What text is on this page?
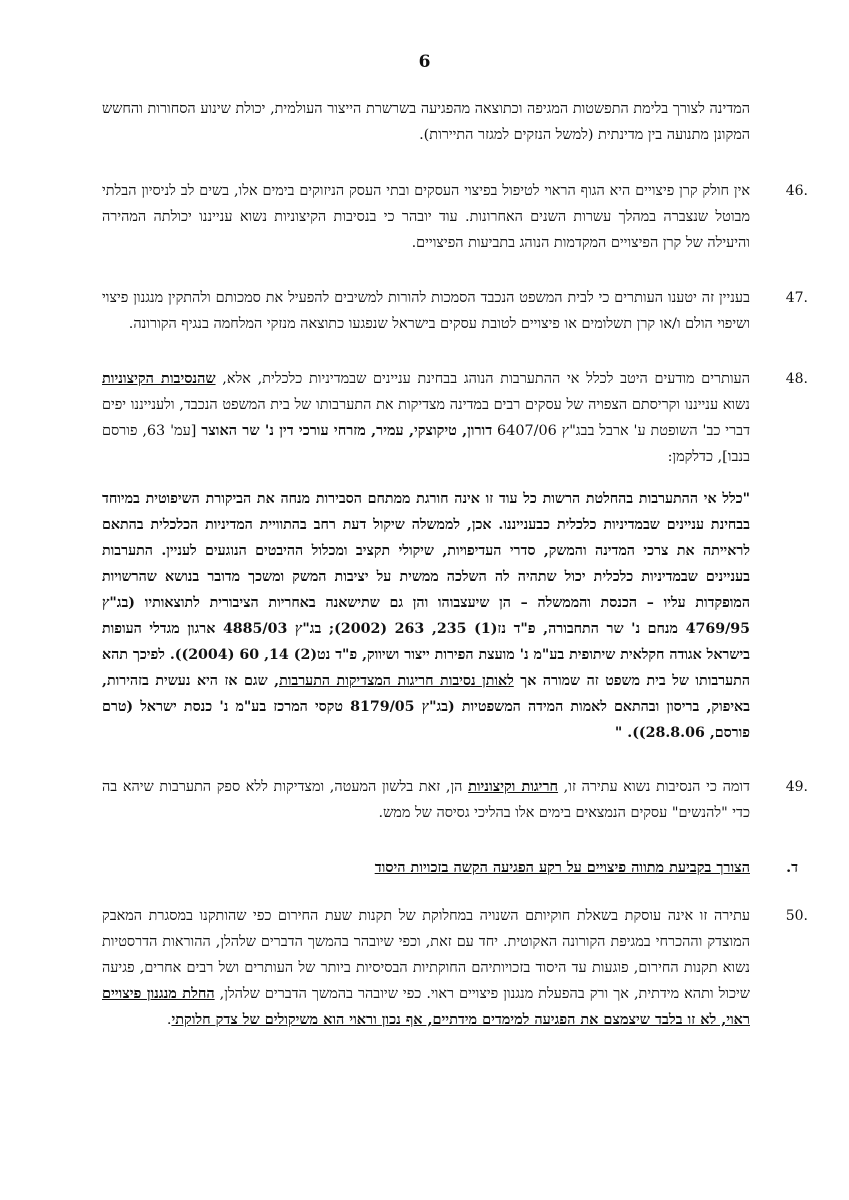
6

המדינה לצורך בלימת התפשטות המגיפה וכתוצאה מהפגיעה בשרשרת הייצור העולמית, יכולת שינוע הסחורות והחשש המקונן מתנועה בין מדינתית (למשל הנזקים למגזר התיירות).

46.
אין חולק קרן פיצויים היא הגוף הראוי לטיפול בפיצוי העסקים ובתי העסק הניזוקים בימים אלו, בשים לב לניסיון הבלתי מבוטל שנצברה במהלך עשרות השנים האחרונות. עוד יובהר כי בנסיבות הקיצוניות נשוא ענייננו יכולתה המהירה והיעילה של קרן הפיצויים המקדמות הנוהג בתביעות הפיצויים.
47.
בעניין זה יטענו העותרים כי לבית המשפט הנכבד הסמכות להורות למשיבים להפעיל את סמכותם ולהתקין מנגנון פיצוי ושיפוי הולם ו/או קרן תשלומים או פיצויים לטובת עסקים בישראל שנפגעו כתוצאה מנזקי המלחמה בנגיף הקורונה.
48.
העותרים מודעים היטב לכלל אי ההתערבות הנוהג בבחינת עניינים שבמדיניות כלכלית, אלא, שהנסיבות הקיצוניות נשוא ענייננו וקריסתם הצפויה של עסקים רבים במדינה מצדיקות את התערבותו של בית המשפט הנכבד, ולענייננו יפים דברי כב' השופטת ע' ארבל בבג"ץ 6407/06 דורון, טיקוצקי, עמיר, מזרחי עורכי דין נ' שר האוצר [עמ' 63, פורסם בנבו], כדלקמן:
"כלל אי ההתערבות בהחלטת הרשות כל עוד זו אינה חורגת ממתחם הסבירות מנחה את הביקורת השיפוטית במיוחד בבחינת עניינים שבמדיניות כלכלית כבענייננו. אכן, לממשלה שיקול דעת רחב בהתוויית המדיניות הכלכלית בהתאם לראייתה את צרכי המדינה והמשק, סדרי העדיפויות, שיקולי תקציב ומכלול ההיבטים הנוגעים לעניין. התערבות בעניינים שבמדיניות כלכלית יכול שתהיה לה השלכה ממשית על יציבות המשק ומשכך מדובר בנושא שהרשויות המופקדות עליו – הכנסת והממשלה – הן שיעצבוהו והן גם שתישאנה באחריות הציבורית לתוצאותיו (בג"ץ 4769/95 מנחם נ' שר התחבורה, פ"ד נז(1) 235, 263 (2002); בג"ץ 4885/03 ארגון מגדלי העופות בישראל אגודה חקלאית שיתופית בע"מ נ' מועצת הפירות ייצור ושיווק, פ"ד נט(2) 14, 60 (2004)). לפיכך תהא התערבותו של בית משפט זה שמורה אך לאותן נסיבות חריגות המצדיקות התערבות, שגם אז היא נעשית בזהירות, באיפוק, בריסון ובהתאם לאמות המידה המשפטיות (בג"ץ 8179/05 טקסי המרכז בע"מ נ' כנסת ישראל (טרם פורסם, 28.8.06)). "
49.
דומה כי הנסיבות נשוא עתירה זו, חריגות וקיצוניות הן, זאת בלשון המעטה, ומצדיקות ללא ספק התערבות שיהא בה כדי "להנשים" עסקים הנמצאים בימים אלו בהליכי גסיסה של ממש.
ד.
הצורך בקביעת מתווה פיצויים על רקע הפגיעה הקשה בזכויות היסוד
50.
עתירה זו אינה עוסקת בשאלת חוקיותם השנויה במחלוקת של תקנות שעת החירום כפי שהותקנו במסגרת המאבק המוצדק וההכרחי במגיפת הקורונה האקוטית. יחד עם זאת, וכפי שיובהר בהמשך הדברים שלהלן, ההוראות הדרסטיות נשוא תקנות החירום, פוגעות עד היסוד בזכויותיהם החוקתיות הבסיסיות ביותר של העותרים ושל רבים אחרים, פגיעה שיכול ותהא מידתית, אך ורק בהפעלת מנגנון פיצויים ראוי. כפי שיובהר בהמשך הדברים שלהלן, החלת מנגנון פיצויים ראוי, לא זו בלבד שיצמצם את הפגיעה למימדים מידתיים, אף נכון וראוי הוא משיקולים של צדק חלוקתי.
